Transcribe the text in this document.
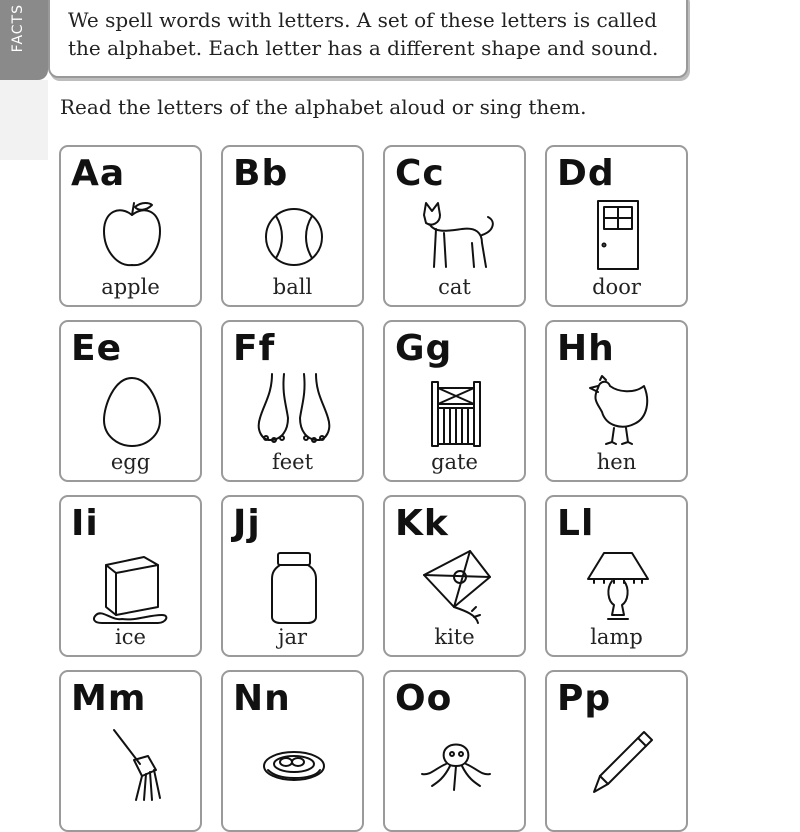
FACTS We spell words with letters. A set of these letters is called

the alphabet. Each letter has a different shape and sound.

Read the letters of the alphabet aloud or sing them.

Aa
apple
Bb
ball
Cc
cat
Dd
door
Ee
egg
Ff
feet
Gg
gate
Hh
hen
Ii
ice
Jj
jar
Kk
kite
Ll
lamp
Mm Nn	Oo	Pp
